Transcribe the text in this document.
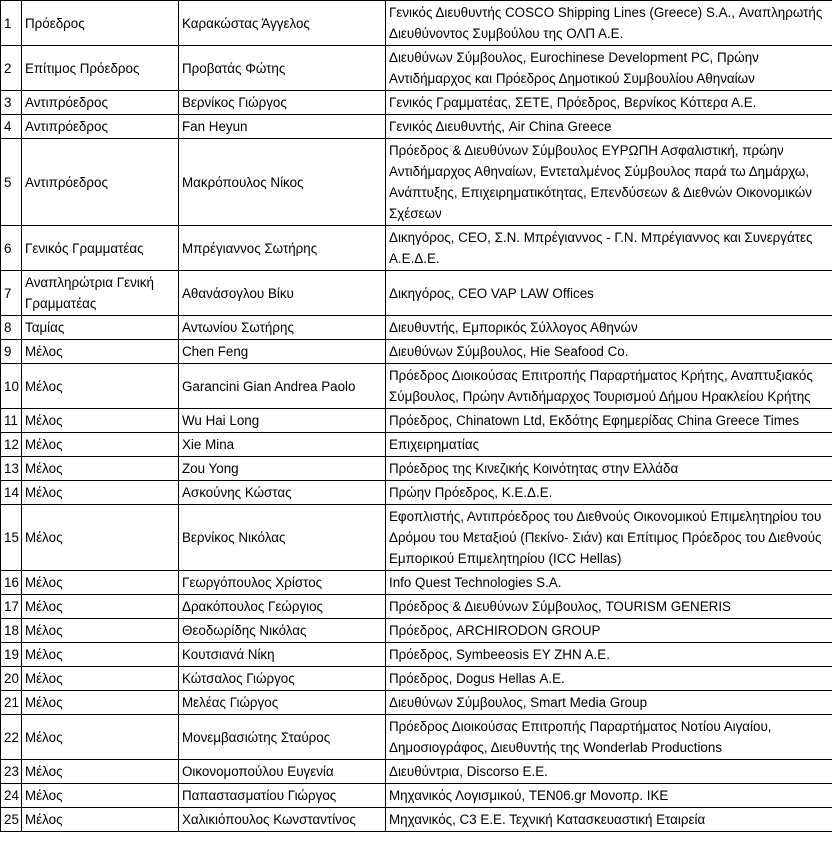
1	Πρόεδρος	Καρακώστας Άγγελος	Γενικός Διευθυντής COSCO Shipping Lines (Greece) S.A., Αναπληρωτής Διευθύνοντος Συμβούλου της ΟΛΠ Α.Ε.
2	Επίτιμος Πρόεδρος	Προβατάς Φώτης	Διευθύνων Σύμβουλος, Eurochinese Development PC, Πρώην Αντιδήμαρχος και Πρόεδρος Δημοτικού Συμβουλίου Αθηναίων
3	Αντιπρόεδρος	Βερνίκος Γιώργος	Γενικός Γραμματέας, ΣΕΤΕ, Πρόεδρος, Βερνίκος Κόττερα Α.Ε.
4	Αντιπρόεδρος	Fan Heyun	Γενικός Διευθυντής, Air China Greece
5	Αντιπρόεδρος	Μακρόπουλος Νίκος	Πρόεδρος & Διευθύνων Σύμβουλος ΕΥΡΩΠΗ Ασφαλιστική, πρώην Αντιδήμαρχος Αθηναίων, Εντεταλμένος Σύμβουλος παρά τω Δημάρχω, Ανάπτυξης, Επιχειρηματικότητας, Επενδύσεων & Διεθνών Οικονομικών Σχέσεων
6	Γενικός Γραμματέας	Μπρέγιαννος Σωτήρης	Δικηγόρος, CEO, Σ.Ν. Μπρέγιαννος - Γ.Ν. Μπρέγιαννος και Συνεργάτες Α.Ε.Δ.Ε.
7	Αναπληρώτρια Γενική Γραμματέας	Αθανάσογλου Βίκυ	Δικηγόρος, CEO VAP LAW Offices
8	Ταμίας	Αντωνίου Σωτήρης	Διευθυντής, Εμπορικός Σύλλογος Αθηνών
9	Μέλος	Chen Feng	Διευθύνων Σύμβουλος, Hie Seafood Co.
10	Μέλος	Garancini Gian Andrea Paolo	Πρόεδρος Διοικούσας Επιτροπής Παραρτήματος Κρήτης, Αναπτυξιακός Σύμβουλος, Πρώην Αντιδήμαρχος Τουρισμού Δήμου Ηρακλείου Κρήτης
11	Μέλος	Wu Hai Long	Πρόεδρος, Chinatown Ltd, Εκδότης Εφημερίδας China Greece Times
12	Μέλος	Xie Mina	Επιχειρηματίας
13	Μέλος	Zou Yong	Πρόεδρος της Κινεζικής Κοινότητας στην Ελλάδα
14	Μέλος	Ασκούνης Κώστας	Πρώην Πρόεδρος, Κ.Ε.Δ.Ε.
15	Μέλος	Βερνίκος Νικόλας	Εφοπλιστής, Αντιπρόεδρος του Διεθνούς Οικονομικού Επιμελητηρίου του Δρόμου του Μεταξιού (Πεκίνο- Σιάν) και Επίτιμος Πρόεδρος του Διεθνούς Εμπορικού Επιμελητηρίου (ICC Hellas)
16	Μέλος	Γεωργόπουλος Χρίστος	Info Quest Technologies S.A.
17	Μέλος	Δρακόπουλος Γεώργιος	Πρόεδρος & Διευθύνων Σύμβουλος, TOURISM GENERIS
18	Μέλος	Θεοδωρίδης Νικόλας	Πρόεδρος, ARCHIRODON GROUP
19	Μέλος	Κουτσιανά Νίκη	Πρόεδρος, Symbeeosis ΕΥ ΖΗΝ Α.Ε.
20	Μέλος	Κώτσαλος Γιώργος	Πρόεδρος, Dogus Hellas Α.Ε.
21	Μέλος	Μελέας Γιώργος	Διευθύνων Σύμβουλος, Smart Media Group
22	Μέλος	Μονεμβασιώτης Σταύρος	Πρόεδρος Διοικούσας Επιτροπής Παραρτήματος Νοτίου Αιγαίου, Δημοσιογράφος, Διευθυντής της Wonderlab Productions
23	Μέλος	Οικονομοπούλου Ευγενία	Διευθύντρια, Discorso Ε.Ε.
24	Μέλος	Παπαστασματίου Γιώργος	Μηχανικός Λογισμικού, TEN06.gr Μονοπρ. ΙΚΕ
25	Μέλος	Χαλικιόπουλος Κωνσταντίνος	Μηχανικός, C3 Ε.Ε. Τεχνική Κατασκευαστική Εταιρεία
